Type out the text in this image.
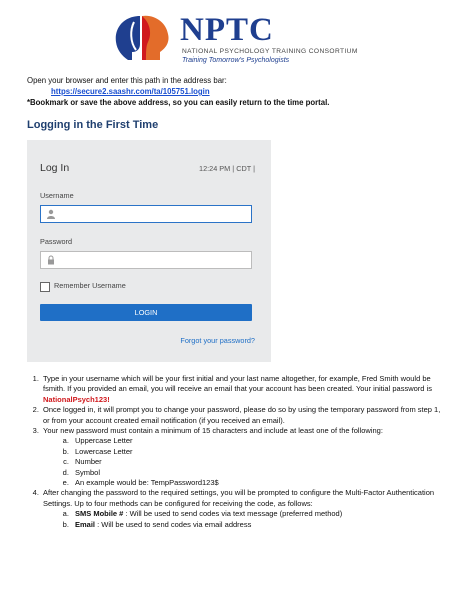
NPTC
NATIONAL PSYCHOLOGY TRAINING CONSORTIUM
Training Tomorrow's Psychologists
Open your browser and enter this path in the address bar:
https://secure2.saashr.com/ta/105751.login
*Bookmark or save the above address, so you can easily return to the time portal.
Logging in the First Time
Log In	12:24 PM | CDT |
Username
Password
Remember Username
LOGIN
Forgot your password?
1. Type in your username which will be your first initial and your last name altogether, for example, Fred Smith would be fsmith. If you provided an email, you will receive an email that your account has been created. Your initial password is NationalPsych123!
2. Once logged in, it will prompt you to change your password, please do so by using the temporary password from step 1, or from your account created email notification (if you received an email).
3. Your new password must contain a minimum of 15 characters and include at least one of the following:
a. Uppercase Letter
b. Lowercase Letter
c. Number
d. Symbol
e. An example would be: TempPassword123$
4. After changing the password to the required settings, you will be prompted to configure the Multi-Factor Authentication Settings. Up to four methods can be configured for receiving the code, as follows:
a. SMS Mobile # : Will be used to send codes via text message (preferred method)
b. Email : Will be used to send codes via email address
